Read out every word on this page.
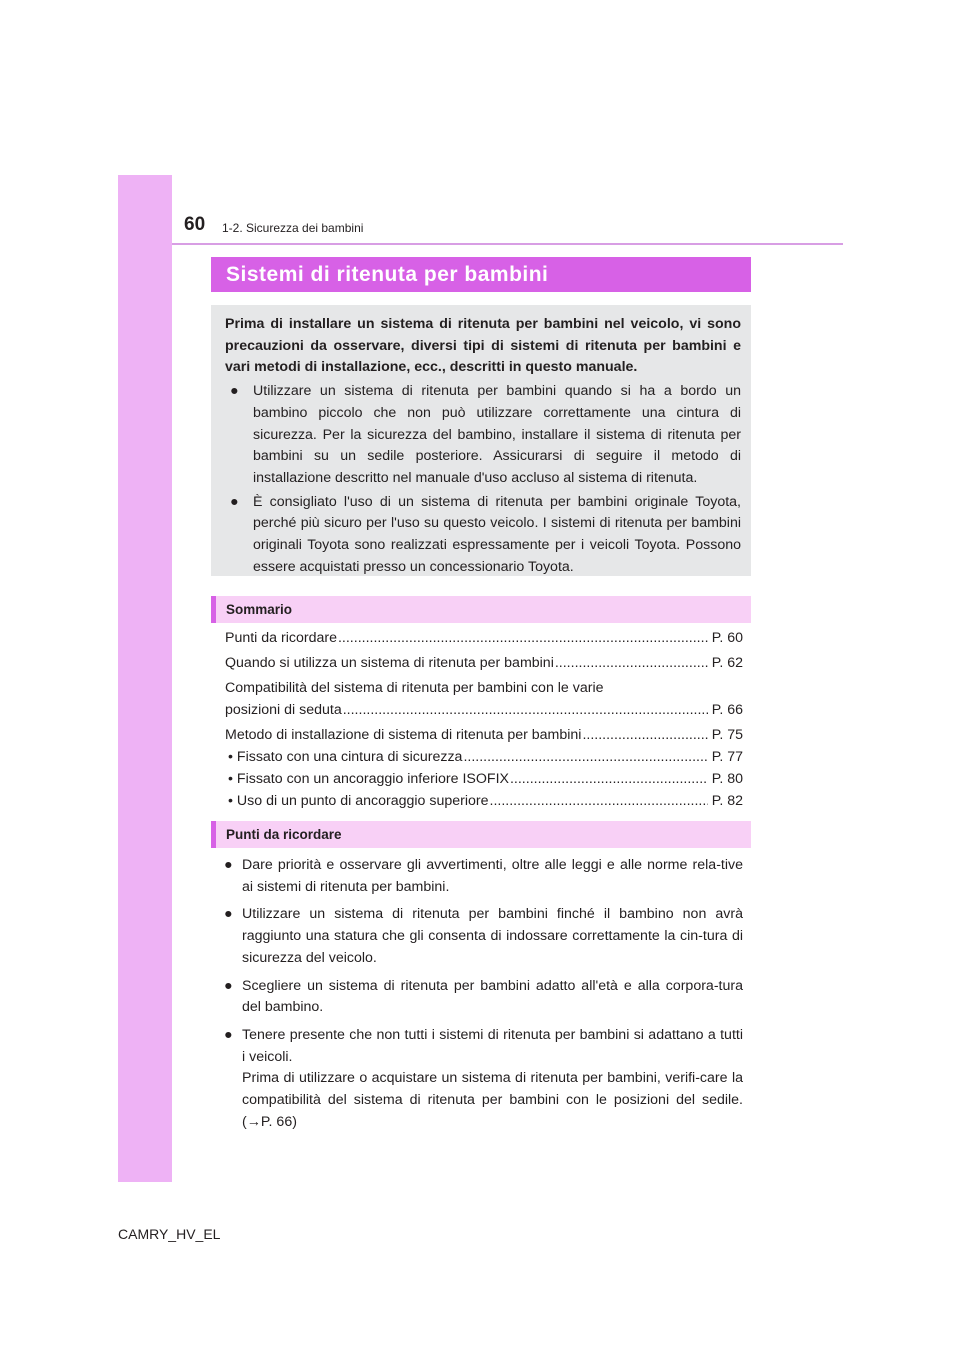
60 1-2. Sicurezza dei bambini
Sistemi di ritenuta per bambini
Prima di installare un sistema di ritenuta per bambini nel veicolo, vi sono precauzioni da osservare, diversi tipi di sistemi di ritenuta per bambini e vari metodi di installazione, ecc., descritti in questo manuale.
● Utilizzare un sistema di ritenuta per bambini quando si ha a bordo un bambino piccolo che non può utilizzare correttamente una cintura di sicurezza. Per la sicurezza del bambino, installare il sistema di ritenuta per bambini su un sedile posteriore. Assicurarsi di seguire il metodo di installazione descritto nel manuale d'uso accluso al sistema di ritenuta.
● È consigliato l'uso di un sistema di ritenuta per bambini originale Toyota, perché più sicuro per l'uso su questo veicolo. I sistemi di ritenuta per bambini originali Toyota sono realizzati espressamente per i veicoli Toyota. Possono essere acquistati presso un concessionario Toyota.
Sommario
Punti da ricordare .....	P. 60
Quando si utilizza un sistema di ritenuta per bambini .....	P. 62
Compatibilità del sistema di ritenuta per bambini con le varie
posizioni di seduta .....	P. 66
Metodo di installazione di sistema di ritenuta per bambini .....	P. 75
• Fissato con una cintura di sicurezza .....	P. 77
• Fissato con un ancoraggio inferiore ISOFIX .....	P. 80
• Uso di un punto di ancoraggio superiore .....	P. 82
Punti da ricordare
● Dare priorità e osservare gli avvertimenti, oltre alle leggi e alle norme rela-tive ai sistemi di ritenuta per bambini.
● Utilizzare un sistema di ritenuta per bambini finché il bambino non avrà raggiunto una statura che gli consenta di indossare correttamente la cin-tura di sicurezza del veicolo.
● Scegliere un sistema di ritenuta per bambini adatto all'età e alla corpora-tura del bambino.
● Tenere presente che non tutti i sistemi di ritenuta per bambini si adattano a tutti i veicoli.
Prima di utilizzare o acquistare un sistema di ritenuta per bambini, verifi-care la compatibilità del sistema di ritenuta per bambini con le posizioni del sedile. (→P. 66)
CAMRY_HV_EL
